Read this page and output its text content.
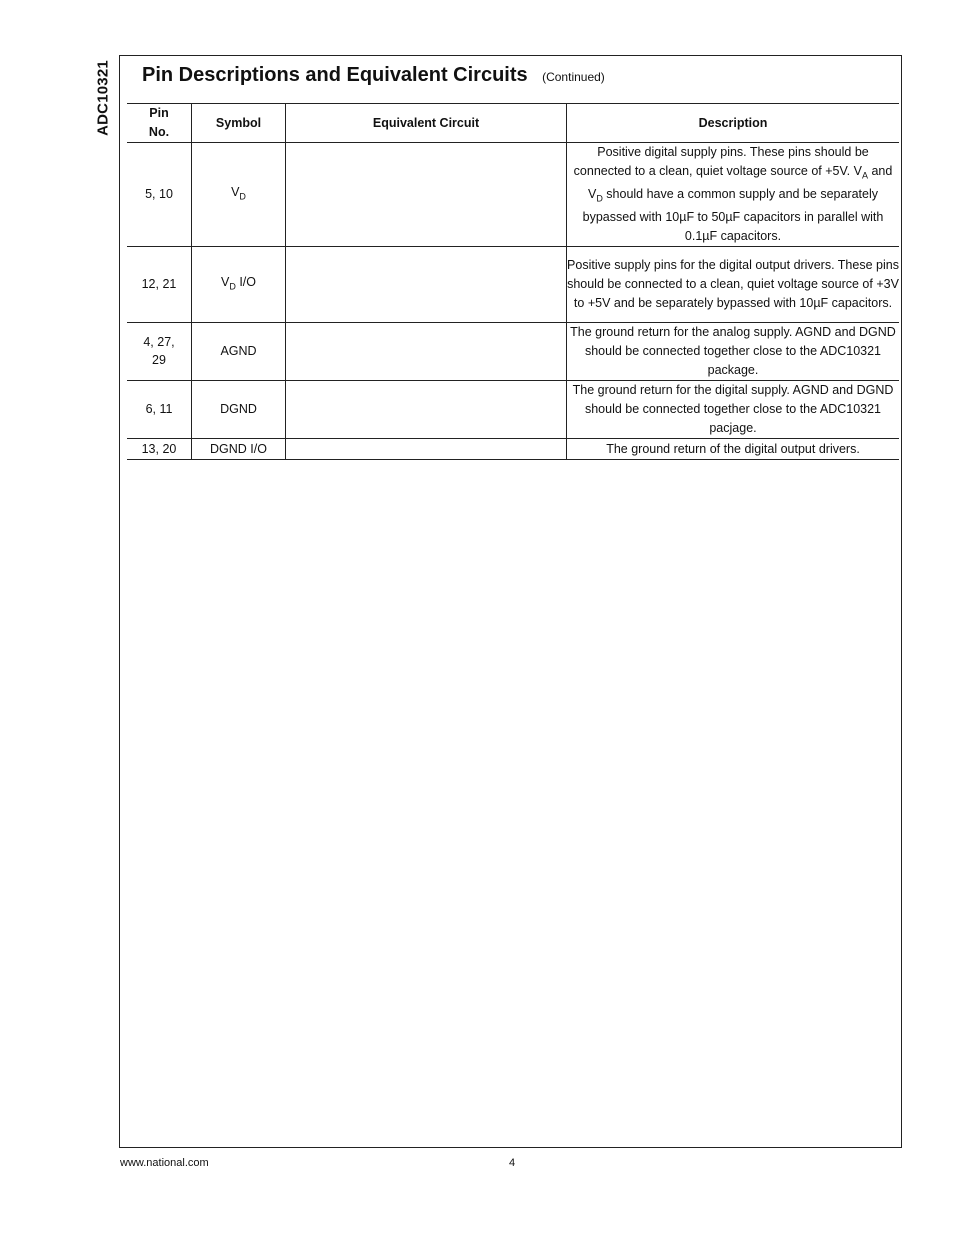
ADC10321 Pin Descriptions and Equivalent Circuits (Continued)
Pin
No.	Symbol	Equivalent Circuit	Description
5, 10	$V_D$		Positive digital supply pins. These pins should be connected to a clean, quiet voltage source of +5V. $V_A$ and $V_D$ should have a common supply and be separately bypassed with 10µF to 50µF capacitors in parallel with 0.1µF capacitors.
12, 21	$V_D$ I/O		Positive supply pins for the digital output drivers. These pins should be connected to a clean, quiet voltage source of +3V to +5V and be separately bypassed with 10µF capacitors.

4, 27,
29	AGND		The ground return for the analog supply. AGND and DGND should be connected together close to the ADC10321 package.
6, 11	DGND		The ground return for the digital supply. AGND and DGND should be connected together close to the ADC10321 pacjage.
13, 20	DGND I/O		The ground return of the digital output drivers.
www.national.com	4
